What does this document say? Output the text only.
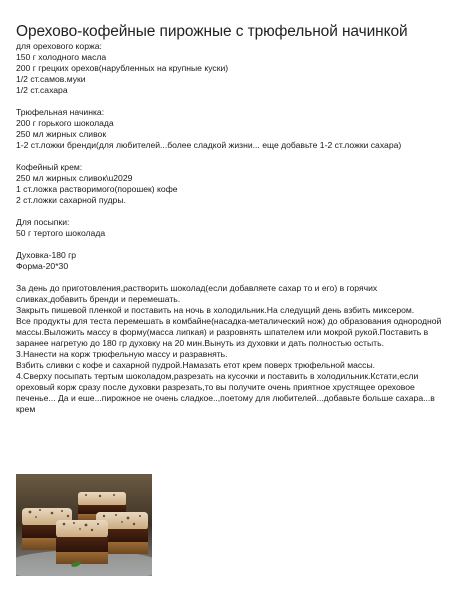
Орехово-кофейные пирожные с трюфельной начинкой
для орехового коржа:
150 г холодного масла
200 г грецких орехов(нарубленных на крупные куски)
1/2 ст.самов.муки
1/2 ст.сахара
Трюфельная начинка:
200 г горького шоколада
250 мл жирных сливок
1-2 ст.ложки бренди(для любителей...более сладкой жизни... еще добавьте 1-2 ст.ложки сахара)
Кофейный крем:
250 мл жирных сливок\u2029
1 ст.ложка растворимого(порошек) кофе
2 ст.ложки сахарной пудры.
Для посыпки:
50 г тертого шоколада
Духовка-180 гр
Форма-20*30
За день до приготовления,растворить шоколад(если добавляете сахар то и его) в горячих
сливках,добавить бренди и перемешать.
Закрыть пишевой пленкой и поставить на ночь в холодильник.На следущий день взбить миксером.
Все продукты для теста перемешать в комбайне(насадка-металический нож) до образования однородной
массы.Выложить массу в форму(масса липкая) и разровнять шпателем или мокрой рукой.Поставить в
заранее нагретую до 180 гр духовку на 20 мин.Вынуть из духовки и дать полностью остыть.
3.Нанести на корж трюфельную массу и разравнять.
Взбить сливки с кофе и сахарной пудрой.Намазать етот крем поверх трюфельной массы.
4.Сверху посыпать тертым шоколадом,разрезать на кусочки и поставить в холодильник.Кстати,если
ореховый корж сразу после духовки разрезать,то вы получите очень приятное хрустящее ореховое
печенье... Да и еше...пирожное не очень сладкое..,поетому для любителей...добавьте больше сахара...в
крем
